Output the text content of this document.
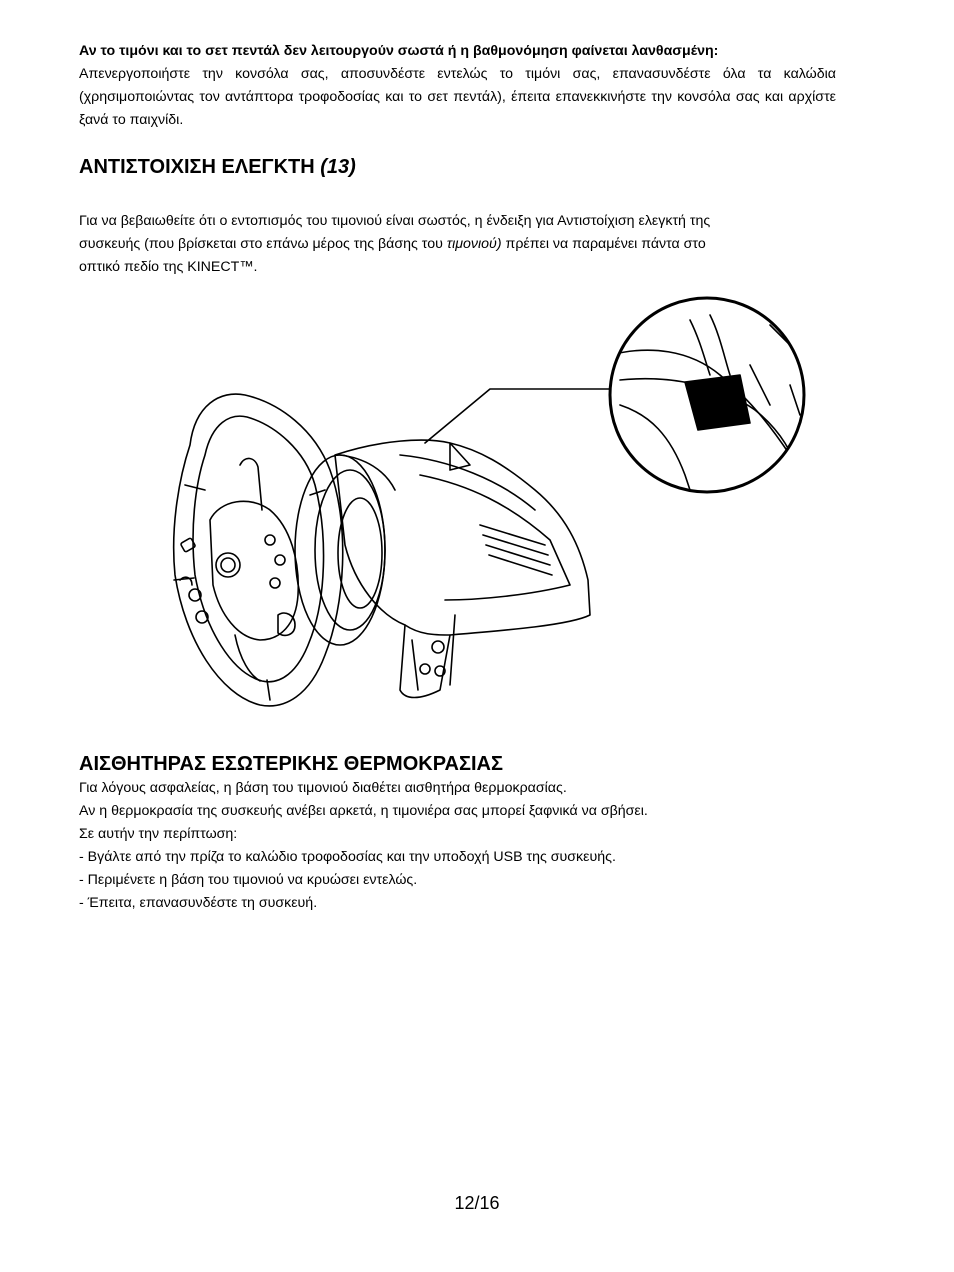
Αν το τιμόνι και το σετ πεντάλ δεν λειτουργούν σωστά ή η βαθμονόμηση φαίνεται λανθασμένη:
Απενεργοποιήστε την κονσόλα σας, αποσυνδέστε εντελώς το τιμόνι σας, επανασυνδέστε όλα τα καλώδια (χρησιμοποιώντας τον αντάπτορα τροφοδοσίας και το σετ πεντάλ), έπειτα επανεκκινήστε την κονσόλα σας και αρχίστε ξανά το παιχνίδι.
ΑΝΤΙΣΤΟΙΧΙΣΗ ΕΛΕΓΚΤΗ (13)
Για να βεβαιωθείτε ότι ο εντοπισμός του τιμονιού είναι σωστός, η ένδειξη για Αντιστοίχιση ελεγκτή της
συσκευής (που βρίσκεται στο επάνω μέρος της βάσης του τιμονιού) πρέπει να παραμένει πάντα στο
οπτικό πεδίο της KINECT™.
ΑΙΣΘΗΤΗΡΑΣ ΕΣΩΤΕΡΙΚΗΣ ΘΕΡΜΟΚΡΑΣΙΑΣ
Για λόγους ασφαλείας, η βάση του τιμονιού διαθέτει αισθητήρα θερμοκρασίας.
Αν η θερμοκρασία της συσκευής ανέβει αρκετά, η τιμονιέρα σας μπορεί ξαφνικά να σβήσει.
Σε αυτήν την περίπτωση:
- Βγάλτε από την πρίζα το καλώδιο τροφοδοσίας και την υποδοχή USB της συσκευής.
- Περιμένετε η βάση του τιμονιού να κρυώσει εντελώς.
- Έπειτα, επανασυνδέστε τη συσκευή.
12/16
